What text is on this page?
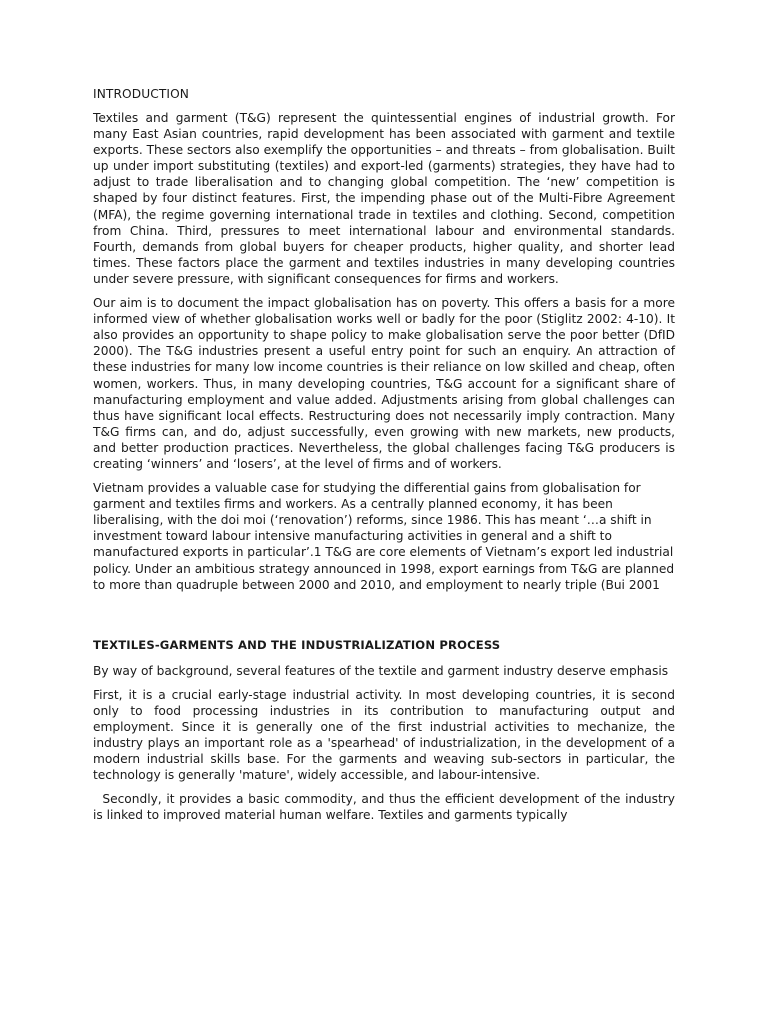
INTRODUCTION

Textiles and garment (T&G) represent the quintessential engines of industrial growth. For many East Asian countries, rapid development has been associated with garment and textile exports. These sectors also exemplify the opportunities – and threats – from globalisation. Built up under import substituting (textiles) and export-led (garments) strategies, they have had to adjust to trade liberalisation and to changing global competition. The ‘new’ competition is shaped by four distinct features. First, the impending phase out of the Multi-Fibre Agreement (MFA), the regime governing international trade in textiles and clothing. Second, competition from China. Third, pressures to meet international labour and environmental standards. Fourth, demands from global buyers for cheaper products, higher quality, and shorter lead times. These factors place the garment and textiles industries in many developing countries under severe pressure, with significant consequences for firms and workers.

Our aim is to document the impact globalisation has on poverty. This offers a basis for a more informed view of whether globalisation works well or badly for the poor (Stiglitz 2002: 4-10). It also provides an opportunity to shape policy to make globalisation serve the poor better (DfID 2000). The T&G industries present a useful entry point for such an enquiry. An attraction of these industries for many low income countries is their reliance on low skilled and cheap, often women, workers. Thus, in many developing countries, T&G account for a significant share of manufacturing employment and value added. Adjustments arising from global challenges can thus have significant local effects. Restructuring does not necessarily imply contraction. Many T&G firms can, and do, adjust successfully, even growing with new markets, new products, and better production practices. Nevertheless, the global challenges facing T&G producers is creating ‘winners’ and ‘losers’, at the level of firms and of workers.

Vietnam provides a valuable case for studying the differential gains from globalisation for garment and textiles firms and workers. As a centrally planned economy, it has been liberalising, with the doi moi (‘renovation’) reforms, since 1986. This has meant ‘…a shift in investment toward labour intensive manufacturing activities in general and a shift to manufactured exports in particular’.1 T&G are core elements of Vietnam’s export led industrial policy. Under an ambitious strategy announced in 1998, export earnings from T&G are planned to more than quadruple between 2000 and 2010, and employment to nearly triple (Bui 2001

TEXTILES-GARMENTS AND THE INDUSTRIALIZATION PROCESS

By way of background, several features of the textile and garment industry deserve emphasis

First, it is a crucial early-stage industrial activity. In most developing countries, it is second only to food processing industries in its contribution to manufacturing output and employment. Since it is generally one of the first industrial activities to mechanize, the industry plays an important role as a 'spearhead' of industrialization, in the development of a modern industrial skills base. For the garments and weaving sub-sectors in particular, the technology is generally 'mature', widely accessible, and labour-intensive.

Secondly, it provides a basic commodity, and thus the efficient development of the industry is linked to improved material human welfare. Textiles and garments typically
